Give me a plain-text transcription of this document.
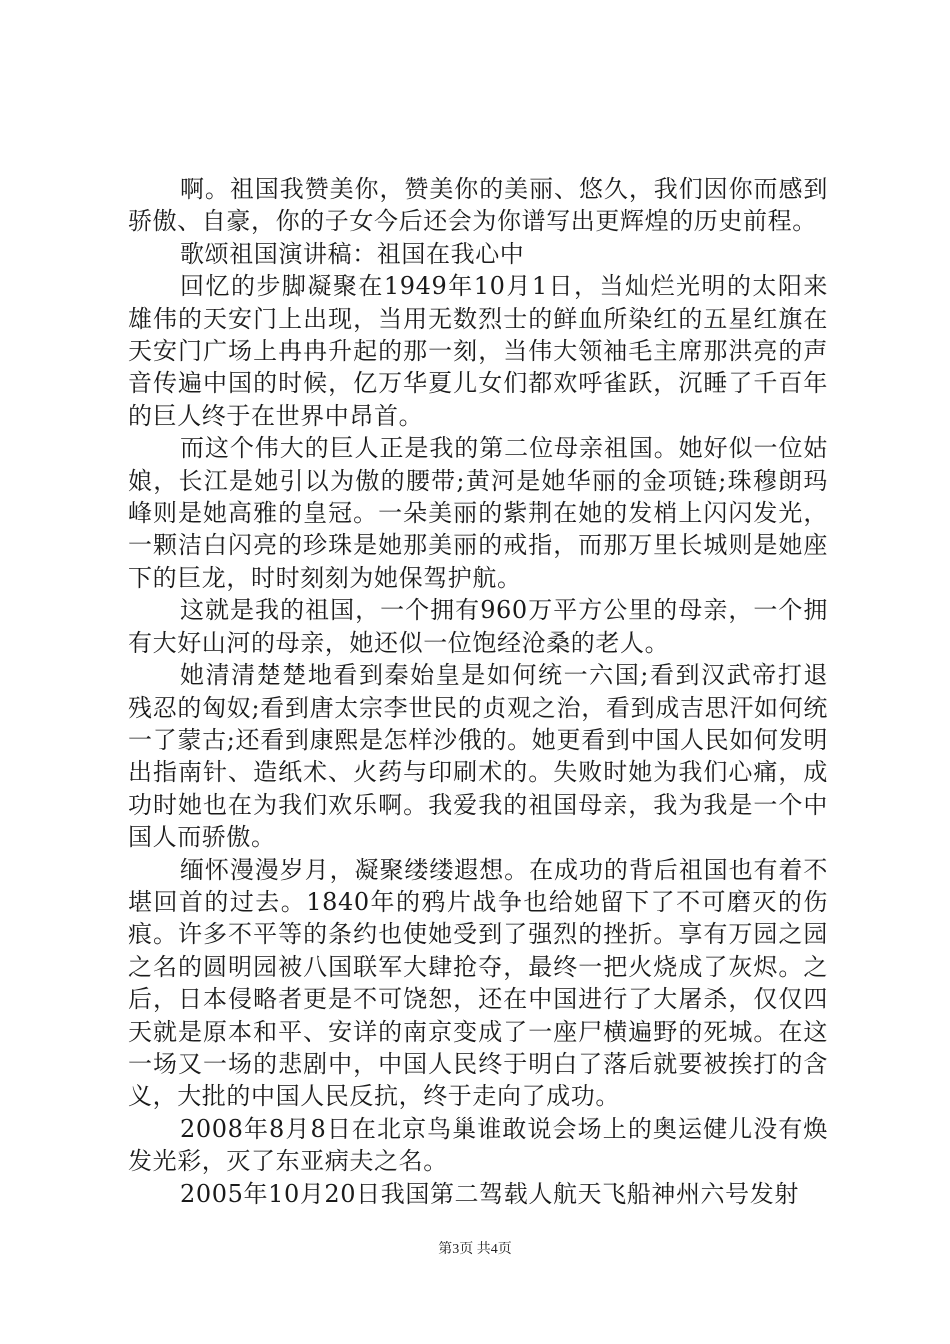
啊。祖国我赞美你，赞美你的美丽、悠久，我们因你而感到骄傲、自豪，你的子女今后还会为你谱写出更辉煌的历史前程。

歌颂祖国演讲稿：祖国在我心中

回忆的步脚凝聚在1949年10月1日，当灿烂光明的太阳来雄伟的天安门上出现，当用无数烈士的鲜血所染红的五星红旗在天安门广场上冉冉升起的那一刻，当伟大领袖毛主席那洪亮的声音传遍中国的时候，亿万华夏儿女们都欢呼雀跃，沉睡了千百年的巨人终于在世界中昂首。

而这个伟大的巨人正是我的第二位母亲祖国。她好似一位姑娘，长江是她引以为傲的腰带;黄河是她华丽的金项链;珠穆朗玛峰则是她高雅的皇冠。一朵美丽的紫荆在她的发梢上闪闪发光，一颗洁白闪亮的珍珠是她那美丽的戒指，而那万里长城则是她座下的巨龙，时时刻刻为她保驾护航。

这就是我的祖国，一个拥有960万平方公里的母亲，一个拥有大好山河的母亲，她还似一位饱经沧桑的老人。

她清清楚楚地看到秦始皇是如何统一六国;看到汉武帝打退残忍的匈奴;看到唐太宗李世民的贞观之治，看到成吉思汗如何统一了蒙古;还看到康熙是怎样沙俄的。她更看到中国人民如何发明出指南针、造纸术、火药与印刷术的。失败时她为我们心痛，成功时她也在为我们欢乐啊。我爱我的祖国母亲，我为我是一个中国人而骄傲。

缅怀漫漫岁月，凝聚缕缕遐想。在成功的背后祖国也有着不堪回首的过去。1840年的鸦片战争也给她留下了不可磨灭的伤痕。许多不平等的条约也使她受到了强烈的挫折。享有万园之园之名的圆明园被八国联军大肆抢夺，最终一把火烧成了灰烬。之后，日本侵略者更是不可饶恕，还在中国进行了大屠杀，仅仅四天就是原本和平、安详的南京变成了一座尸横遍野的死城。在这一场又一场的悲剧中，中国人民终于明白了落后就要被挨打的含义，大批的中国人民反抗，终于走向了成功。

2008年8月8日在北京鸟巢谁敢说会场上的奥运健儿没有焕发光彩，灭了东亚病夫之名。

2005年10月20日我国第二驾载人航天飞船神州六号发射

第3页 共4页
